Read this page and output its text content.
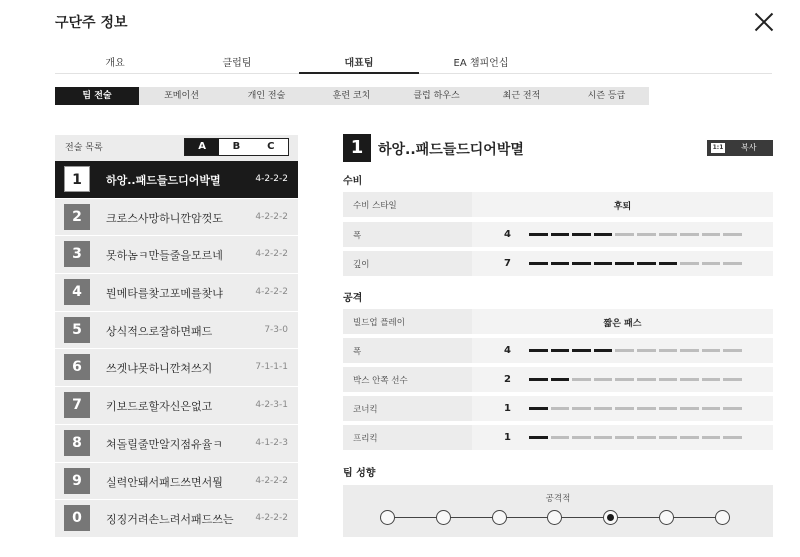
구단주 정보
개요	클럽팀	대표팀	EA 챔피언십
팀 전술	포메이션	개인 전술	훈련 코치	클럽 하우스	최근 전적	시즌 등급
전술 목록	A	B	C
1	하앙..패드들드디어박멸	4-2-2-2
2	크로스사망하니깐암껏도	4-2-2-2
3	못하놈ㅋ만들줄을모르네	4-2-2-2
4	뭔메타를찾고포메를찾냐	4-2-2-2
5	상식적으로잘하면패드	7-3-0
6	쓰겟냐못하니깐쳐쓰지	7-1-1-1
7	키보드로할자신은없고	4-2-3-1
8	쳐돌릴줄만알지점유율ㅋ	4-1-2-3
9	실력안돼서패드쓰면서뭘	4-2-2-2
0	징징거려손느려서패드쓰는 4-2-2-2
1	하앙..패드들드디어박멸	1:1 복사
수비
수비 스타일	후퇴
폭	4
깊이	7
공격
빌드업 플레이	짧은 패스
폭	4
박스 안쪽 선수	2
코너킥	1
프리킥	1
팀 성향
공격적
